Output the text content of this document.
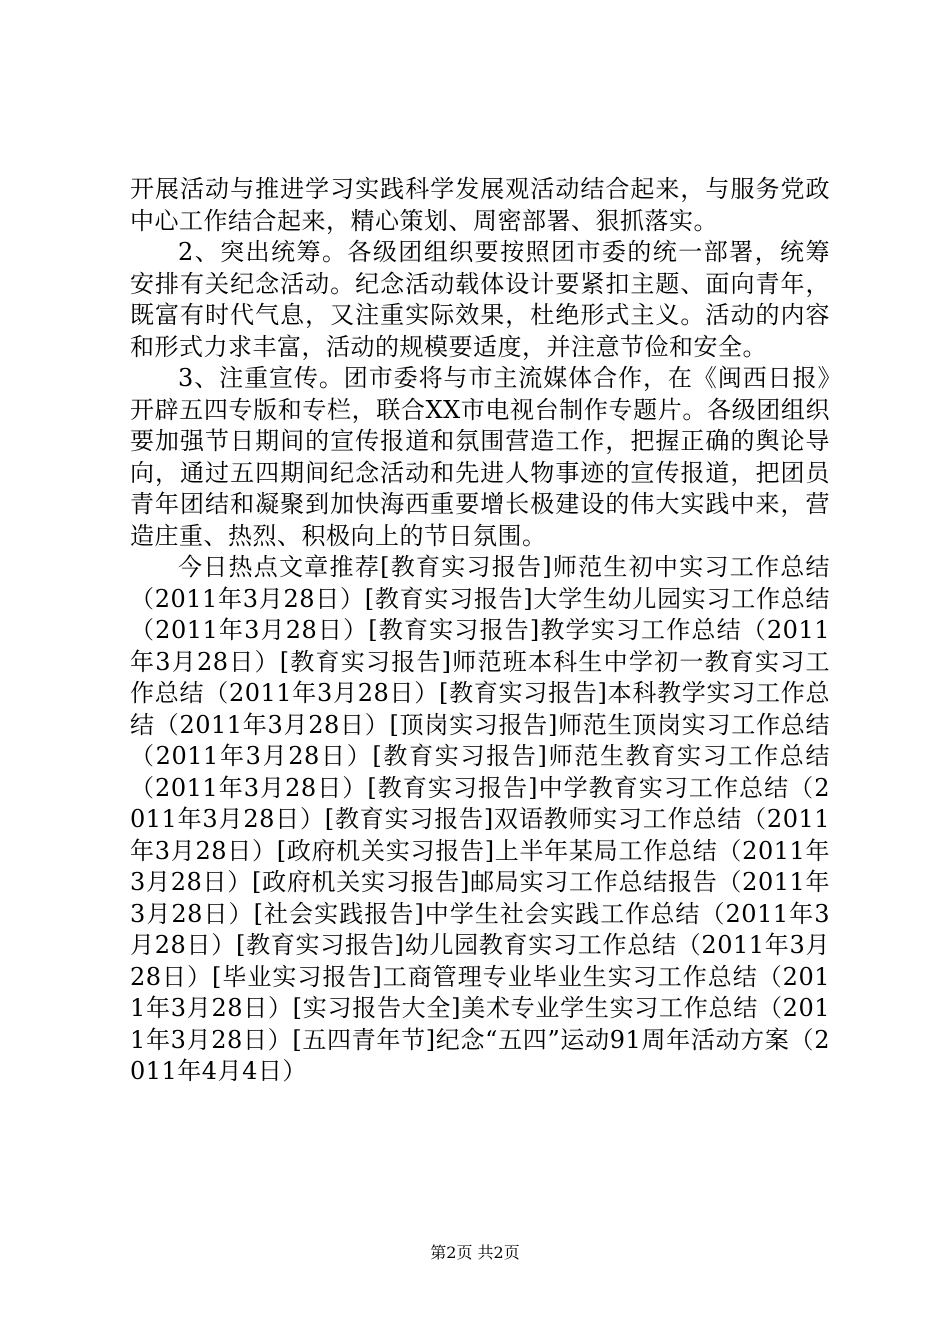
开展活动与推进学习实践科学发展观活动结合起来，与服务党政中心工作结合起来，精心策划、周密部署、狠抓落实。

2、突出统筹。各级团组织要按照团市委的统一部署，统筹安排有关纪念活动。纪念活动载体设计要紧扣主题、面向青年，既富有时代气息，又注重实际效果，杜绝形式主义。活动的内容和形式力求丰富，活动的规模要适度，并注意节俭和安全。

3、注重宣传。团市委将与市主流媒体合作，在《闽西日报》开辟五四专版和专栏，联合XX市电视台制作专题片。各级团组织要加强节日期间的宣传报道和氛围营造工作，把握正确的舆论导向，通过五四期间纪念活动和先进人物事迹的宣传报道，把团员青年团结和凝聚到加快海西重要增长极建设的伟大实践中来，营造庄重、热烈、积极向上的节日氛围。

今日热点文章推荐[教育实习报告]师范生初中实习工作总结（2011年3月28日）[教育实习报告]大学生幼儿园实习工作总结（2011年3月28日）[教育实习报告]教学实习工作总结（2011年3月28日）[教育实习报告]师范班本科生中学初一教育实习工作总结（2011年3月28日）[教育实习报告]本科教学实习工作总结（2011年3月28日）[顶岗实习报告]师范生顶岗实习工作总结（2011年3月28日）[教育实习报告]师范生教育实习工作总结（2011年3月28日）[教育实习报告]中学教育实习工作总结（2011年3月28日）[教育实习报告]双语教师实习工作总结（2011年3月28日）[政府机关实习报告]上半年某局工作总结（2011年3月28日）[政府机关实习报告]邮局实习工作总结报告（2011年3月28日）[社会实践报告]中学生社会实践工作总结（2011年3月28日）[教育实习报告]幼儿园教育实习工作总结（2011年3月28日）[毕业实习报告]工商管理专业毕业生实习工作总结（2011年3月28日）[实习报告大全]美术专业学生实习工作总结（2011年3月28日）[五四青年节]纪念“五四”运动91周年活动方案（2011年4月4日）

第2页 共2页
